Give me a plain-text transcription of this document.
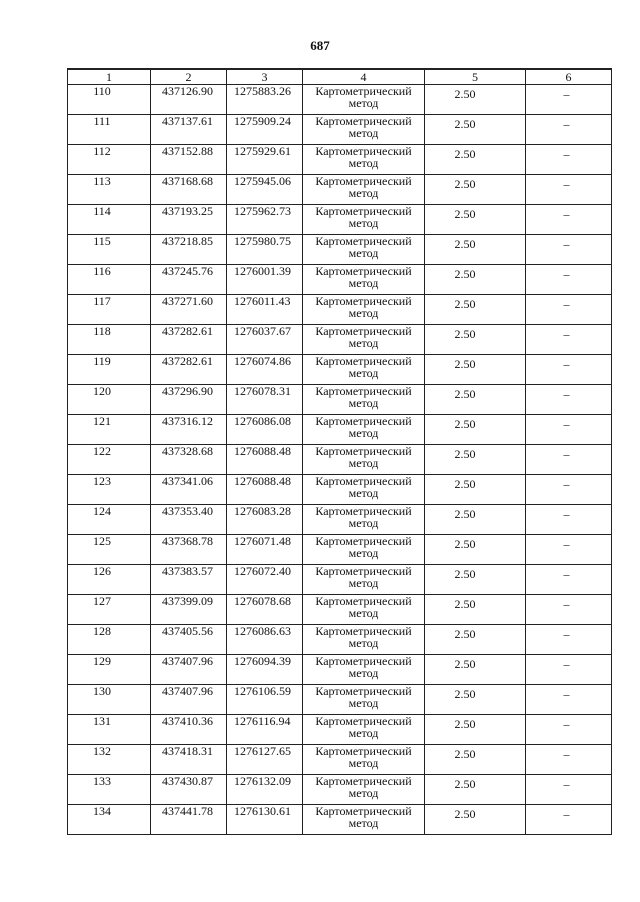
687
1	2	3	4	5	6

110	437126.90	1275883.26	Картометрический метод	2.50	–

111	437137.61	1275909.24	Картометрический метод	2.50	–

112	437152.88	1275929.61	Картометрический метод	2.50	–

113	437168.68	1275945.06	Картометрический метод	2.50	–

114	437193.25	1275962.73	Картометрический метод	2.50	–

115	437218.85	1275980.75	Картометрический метод	2.50	–

116	437245.76	1276001.39	Картометрический метод	2.50	–

117	437271.60	1276011.43	Картометрический метод	2.50	–

118	437282.61	1276037.67	Картометрический метод	2.50	–

119	437282.61	1276074.86	Картометрический метод	2.50	–

120	437296.90	1276078.31	Картометрический метод	2.50	–

121	437316.12	1276086.08	Картометрический метод	2.50	–

122	437328.68	1276088.48	Картометрический метод	2.50	–

123	437341.06	1276088.48	Картометрический метод	2.50	–

124	437353.40	1276083.28	Картометрический метод	2.50	–

125	437368.78	1276071.48	Картометрический метод	2.50	–

126	437383.57	1276072.40	Картометрический метод	2.50	–

127	437399.09	1276078.68	Картометрический метод	2.50	–

128	437405.56	1276086.63	Картометрический метод	2.50	–

129	437407.96	1276094.39	Картометрический метод	2.50	–

130	437407.96	1276106.59	Картометрический метод	2.50	–

131	437410.36	1276116.94	Картометрический метод	2.50	–

132	437418.31	1276127.65	Картометрический метод	2.50	–

133	437430.87	1276132.09	Картометрический метод	2.50	–

134	437441.78	1276130.61	Картометрический метод	2.50	–
